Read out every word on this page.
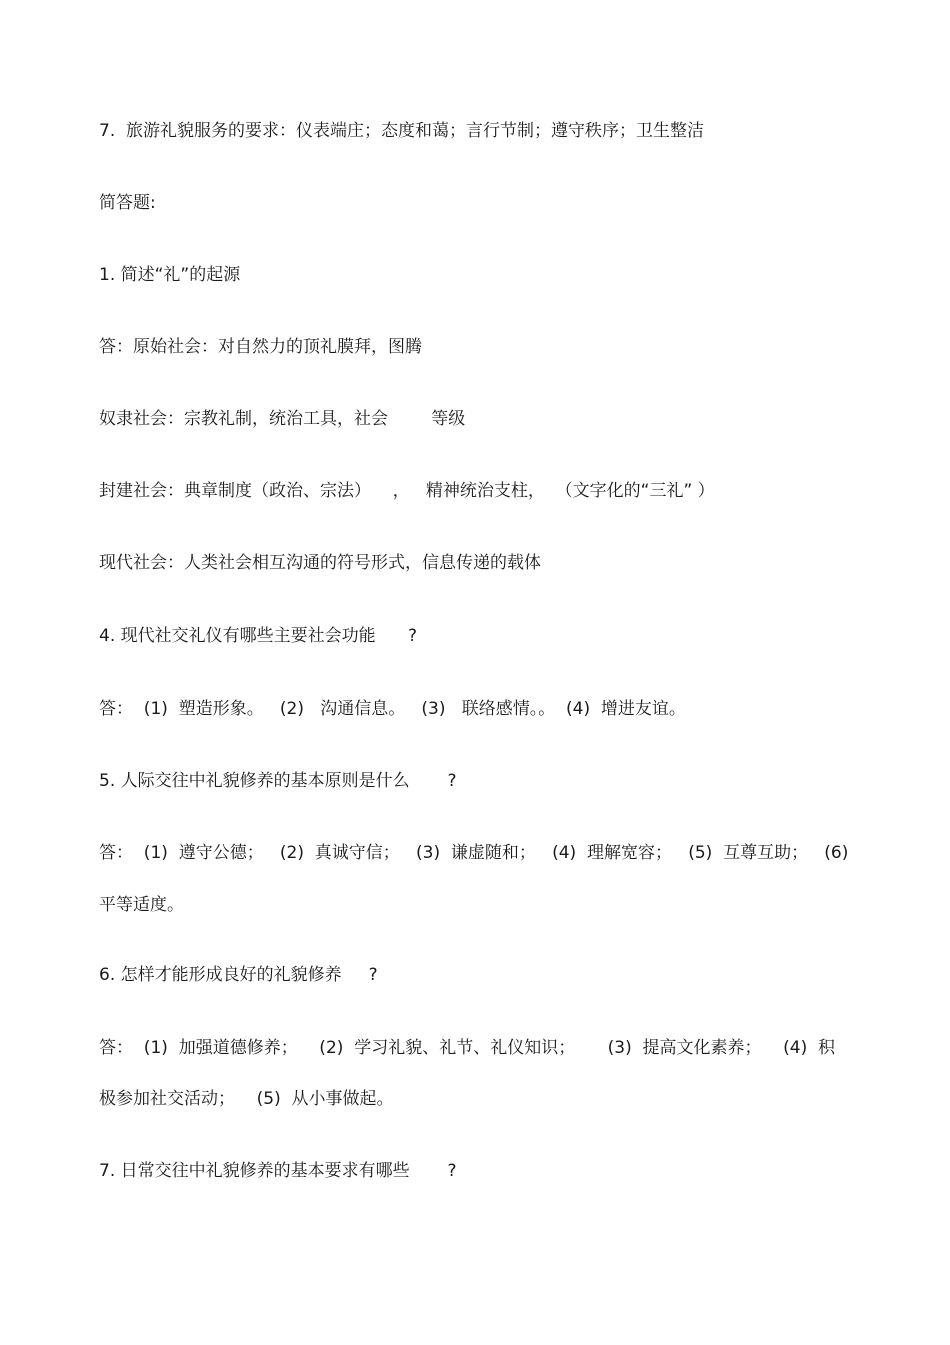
7.  旅游礼貌服务的要求：仪表端庄；态度和蔼；言行节制；遵守秩序；卫生整洁
简答题:
1. 简述“礼”的起源
答：原始社会：对自然力的顶礼膜拜，图腾
奴隶社会：宗教礼制，统治工具，社会        等级
封建社会：典章制度（政治、宗法）    ，   精神统治支柱，  （文字化的“三礼” ）
现代社会：人类社会相互沟通的符号形式，信息传递的载体
4. 现代社交礼仪有哪些主要社会功能      ?
答：  (1)  塑造形象。   (2)   沟通信息。   (3)   联络感情。。  (4)  增进友谊。
5. 人际交往中礼貌修养的基本原则是什么       ?
答：  (1)  遵守公德；   (2)  真诚守信；   (3)  谦虚随和；   (4)  理解宽容；   (5)  互尊互助；   (6)
平等适度。
6. 怎样才能形成良好的礼貌修养     ?
答：  (1)  加强道德修养；    (2)  学习礼貌、礼节、礼仪知识；      (3)  提高文化素养；    (4)  积
极参加社交活动；    (5)  从小事做起。
7. 日常交往中礼貌修养的基本要求有哪些       ?
